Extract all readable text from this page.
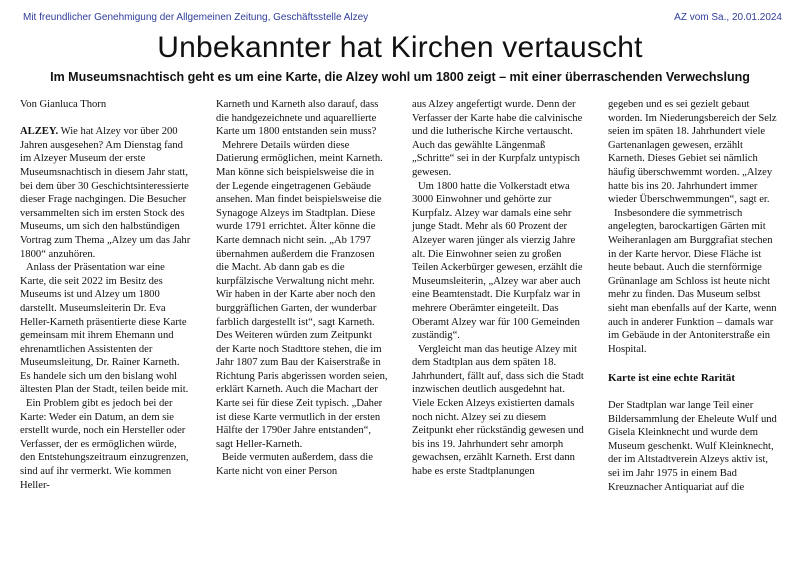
Mit freundlicher Genehmigung der Allgemeinen Zeitung, Geschäftsstelle Alzey	AZ vom Sa., 20.01.2024
Unbekannter hat Kirchen vertauscht
Im Museumsnachtisch geht es um eine Karte, die Alzey wohl um 1800 zeigt – mit einer überraschenden Verwechslung

Von Gianluca Thorn

ALZEY. Wie hat Alzey vor über 200 Jahren ausgesehen? Am Dienstag fand im Alzeyer Museum der erste Museumsnachtisch in diesem Jahr statt, bei dem über 30 Geschichtsinteressierte dieser Frage nachgingen. Die Besucher versammelten sich im ersten Stock des Museums, um sich den halbstündigen Vortrag zum Thema „Alzey um das Jahr 1800“ anzuhören.

Anlass der Präsentation war eine Karte, die seit 2022 im Besitz des Museums ist und Alzey um 1800 darstellt. Museumsleiterin Dr. Eva Heller-Karneth präsentierte diese Karte gemeinsam mit ihrem Ehemann und ehrenamtlichen Assistenten der Museumsleitung, Dr. Rainer Karneth. Es handele sich um den bislang wohl ältesten Plan der Stadt, teilen beide mit.

Ein Problem gibt es jedoch bei der Karte: Weder ein Datum, an dem sie erstellt wurde, noch ein Hersteller oder Verfasser, der es ermöglichen würde, den Entstehungszeitraum einzugrenzen, sind auf ihr vermerkt. Wie kommen Heller-

Karneth und Karneth also darauf, dass die handgezeichnete und aquarellierte Karte um 1800 entstanden sein muss?

Mehrere Details würden diese Datierung ermöglichen, meint Karneth. Man könne sich beispielsweise die in der Legende eingetragenen Gebäude ansehen. Man findet beispielsweise die Synagoge Alzeys im Stadtplan. Diese wurde 1791 errichtet. Älter könne die Karte demnach nicht sein. „Ab 1797 übernahmen außerdem die Franzosen die Macht. Ab dann gab es die kurpfälzische Verwaltung nicht mehr. Wir haben in der Karte aber noch den burggräflichen Garten, der wunderbar farblich dargestellt ist“, sagt Karneth. Des Weiteren würden zum Zeitpunkt der Karte noch Stadttore stehen, die im Jahr 1807 zum Bau der Kaiserstraße in Richtung Paris abgerissen worden seien, erklärt Karneth. Auch die Machart der Karte sei für diese Zeit typisch. „Daher ist diese Karte vermutlich in der ersten Hälfte der 1790er Jahre entstanden“, sagt Heller-Karneth.

Beide vermuten außerdem, dass die Karte nicht von einer Person

aus Alzey angefertigt wurde. Denn der Verfasser der Karte habe die calvinische und die lutherische Kirche vertauscht. Auch das gewählte Längenmaß „Schritte“ sei in der Kurpfalz untypisch gewesen.

Um 1800 hatte die Volkerstadt etwa 3000 Einwohner und gehörte zur Kurpfalz. Alzey war damals eine sehr junge Stadt. Mehr als 60 Prozent der Alzeyer waren jünger als vierzig Jahre alt. Die Einwohner seien zu großen Teilen Ackerbürger gewesen, erzählt die Museumsleiterin, „Alzey war aber auch eine Beamtenstadt. Die Kurpfalz war in mehrere Oberämter eingeteilt. Das Oberamt Alzey war für 100 Gemeinden zuständig“.

Vergleicht man das heutige Alzey mit dem Stadtplan aus dem späten 18. Jahrhundert, fällt auf, dass sich die Stadt inzwischen deutlich ausgedehnt hat. Viele Ecken Alzeys existierten damals noch nicht. Alzey sei zu diesem Zeitpunkt eher rückständig gewesen und bis ins 19. Jahrhundert sehr amorph gewachsen, erzählt Karneth. Erst dann habe es erste Stadtplanungen

gegeben und es sei gezielt gebaut worden. Im Niederungsbereich der Selz seien im späten 18. Jahrhundert viele Gartenanlagen gewesen, erzählt Karneth. Dieses Gebiet sei nämlich häufig überschwemmt worden. „Alzey hatte bis ins 20. Jahrhundert immer wieder Überschwemmungen“, sagt er.

Insbesondere die symmetrisch angelegten, barockartigen Gärten mit Weiheranlagen am Burggrafiat stechen in der Karte hervor. Diese Fläche ist heute bebaut. Auch die sternförmige Grünanlage am Schloss ist heute nicht mehr zu finden. Das Museum selbst sieht man ebenfalls auf der Karte, wenn auch in anderer Funktion – damals war im Gebäude in der Antoniterstraße ein Hospital.

Karte ist eine echte Rarität

Der Stadtplan war lange Teil einer Bildersammlung der Eheleute Wulf und Gisela Kleinknecht und wurde dem Museum geschenkt. Wulf Kleinknecht, der im Altstadtverein Alzeys aktiv ist, sei im Jahr 1975 in einem Bad Kreuznacher Antiquariat auf die
